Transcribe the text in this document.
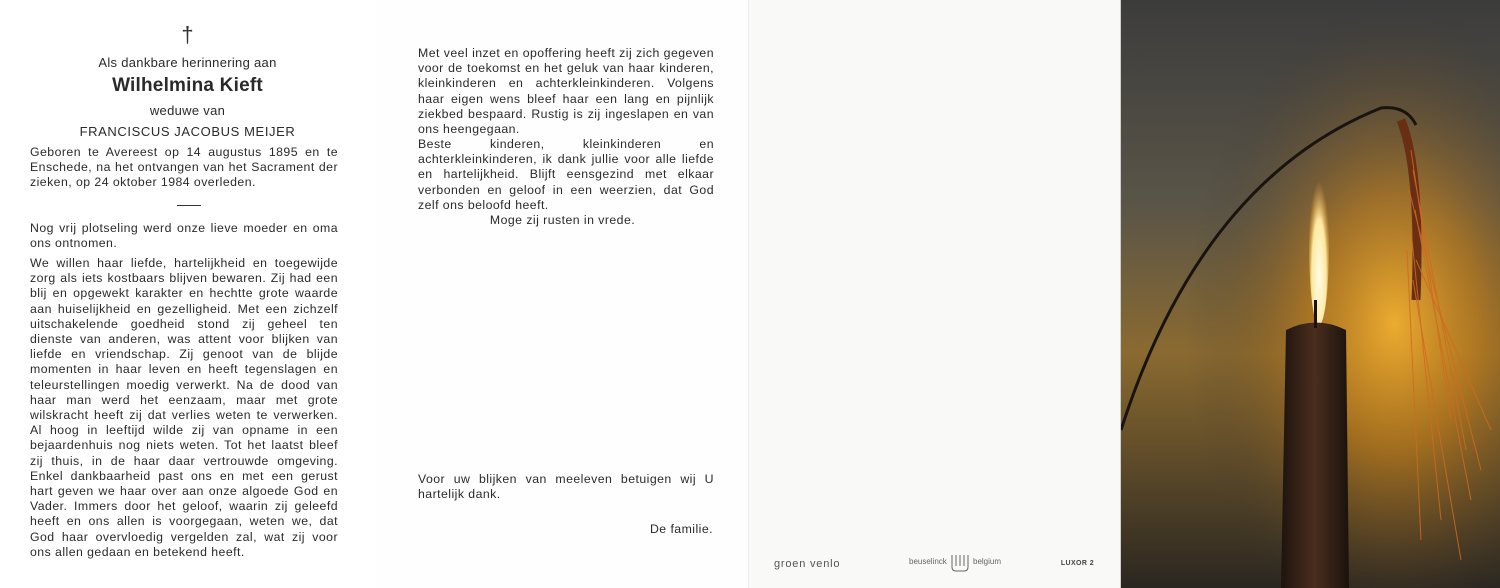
†
Als dankbare herinnering aan
Wilhelmina Kieft
weduwe van
FRANCISCUS JACOBUS MEIJER
Geboren te Avereest op 14 augustus 1895 en te Enschede, na het ontvangen van het Sacrament der zieken, op 24 oktober 1984 overleden.
Nog vrij plotseling werd onze lieve moeder en oma ons ontnomen.
We willen haar liefde, hartelijkheid en toegewijde zorg als iets kostbaars blijven bewaren. Zij had een blij en opgewekt karakter en hechtte grote waarde aan huiselijkheid en gezelligheid. Met een zichzelf uitschakelende goedheid stond zij geheel ten dienste van anderen, was attent voor blijken van liefde en vriendschap. Zij genoot van de blijde momenten in haar leven en heeft tegenslagen en teleurstellingen moedig verwerkt. Na de dood van haar man werd het eenzaam, maar met grote wilskracht heeft zij dat verlies weten te verwerken. Al hoog in leeftijd wilde zij van opname in een bejaardenhuis nog niets weten. Tot het laatst bleef zij thuis, in de haar daar vertrouwde omgeving. Enkel dankbaarheid past ons en met een gerust hart geven we haar over aan onze algoede God en Vader. Immers door het geloof, waarin zij geleefd heeft en ons allen is voorgegaan, weten we, dat God haar overvloedig vergelden zal, wat zij voor ons allen gedaan en betekend heeft.
Met veel inzet en opoffering heeft zij zich gegeven voor de toekomst en het geluk van haar kinderen, kleinkinderen en achterkleinkinderen. Volgens haar eigen wens bleef haar een lang en pijnlijk ziekbed bespaard. Rustig is zij ingeslapen en van ons heengegaan.
Beste kinderen, kleinkinderen en achterkleinkinderen, ik dank jullie voor alle liefde en hartelijkheid. Blijft eensgezind met elkaar verbonden en geloof in een weerzien, dat God zelf ons beloofd heeft.
Moge zij rusten in vrede.
Voor uw blijken van meeleven betuigen wij U hartelijk dank.
De familie.
groen venlo	beuselinck	belgium	LUXOR 2
